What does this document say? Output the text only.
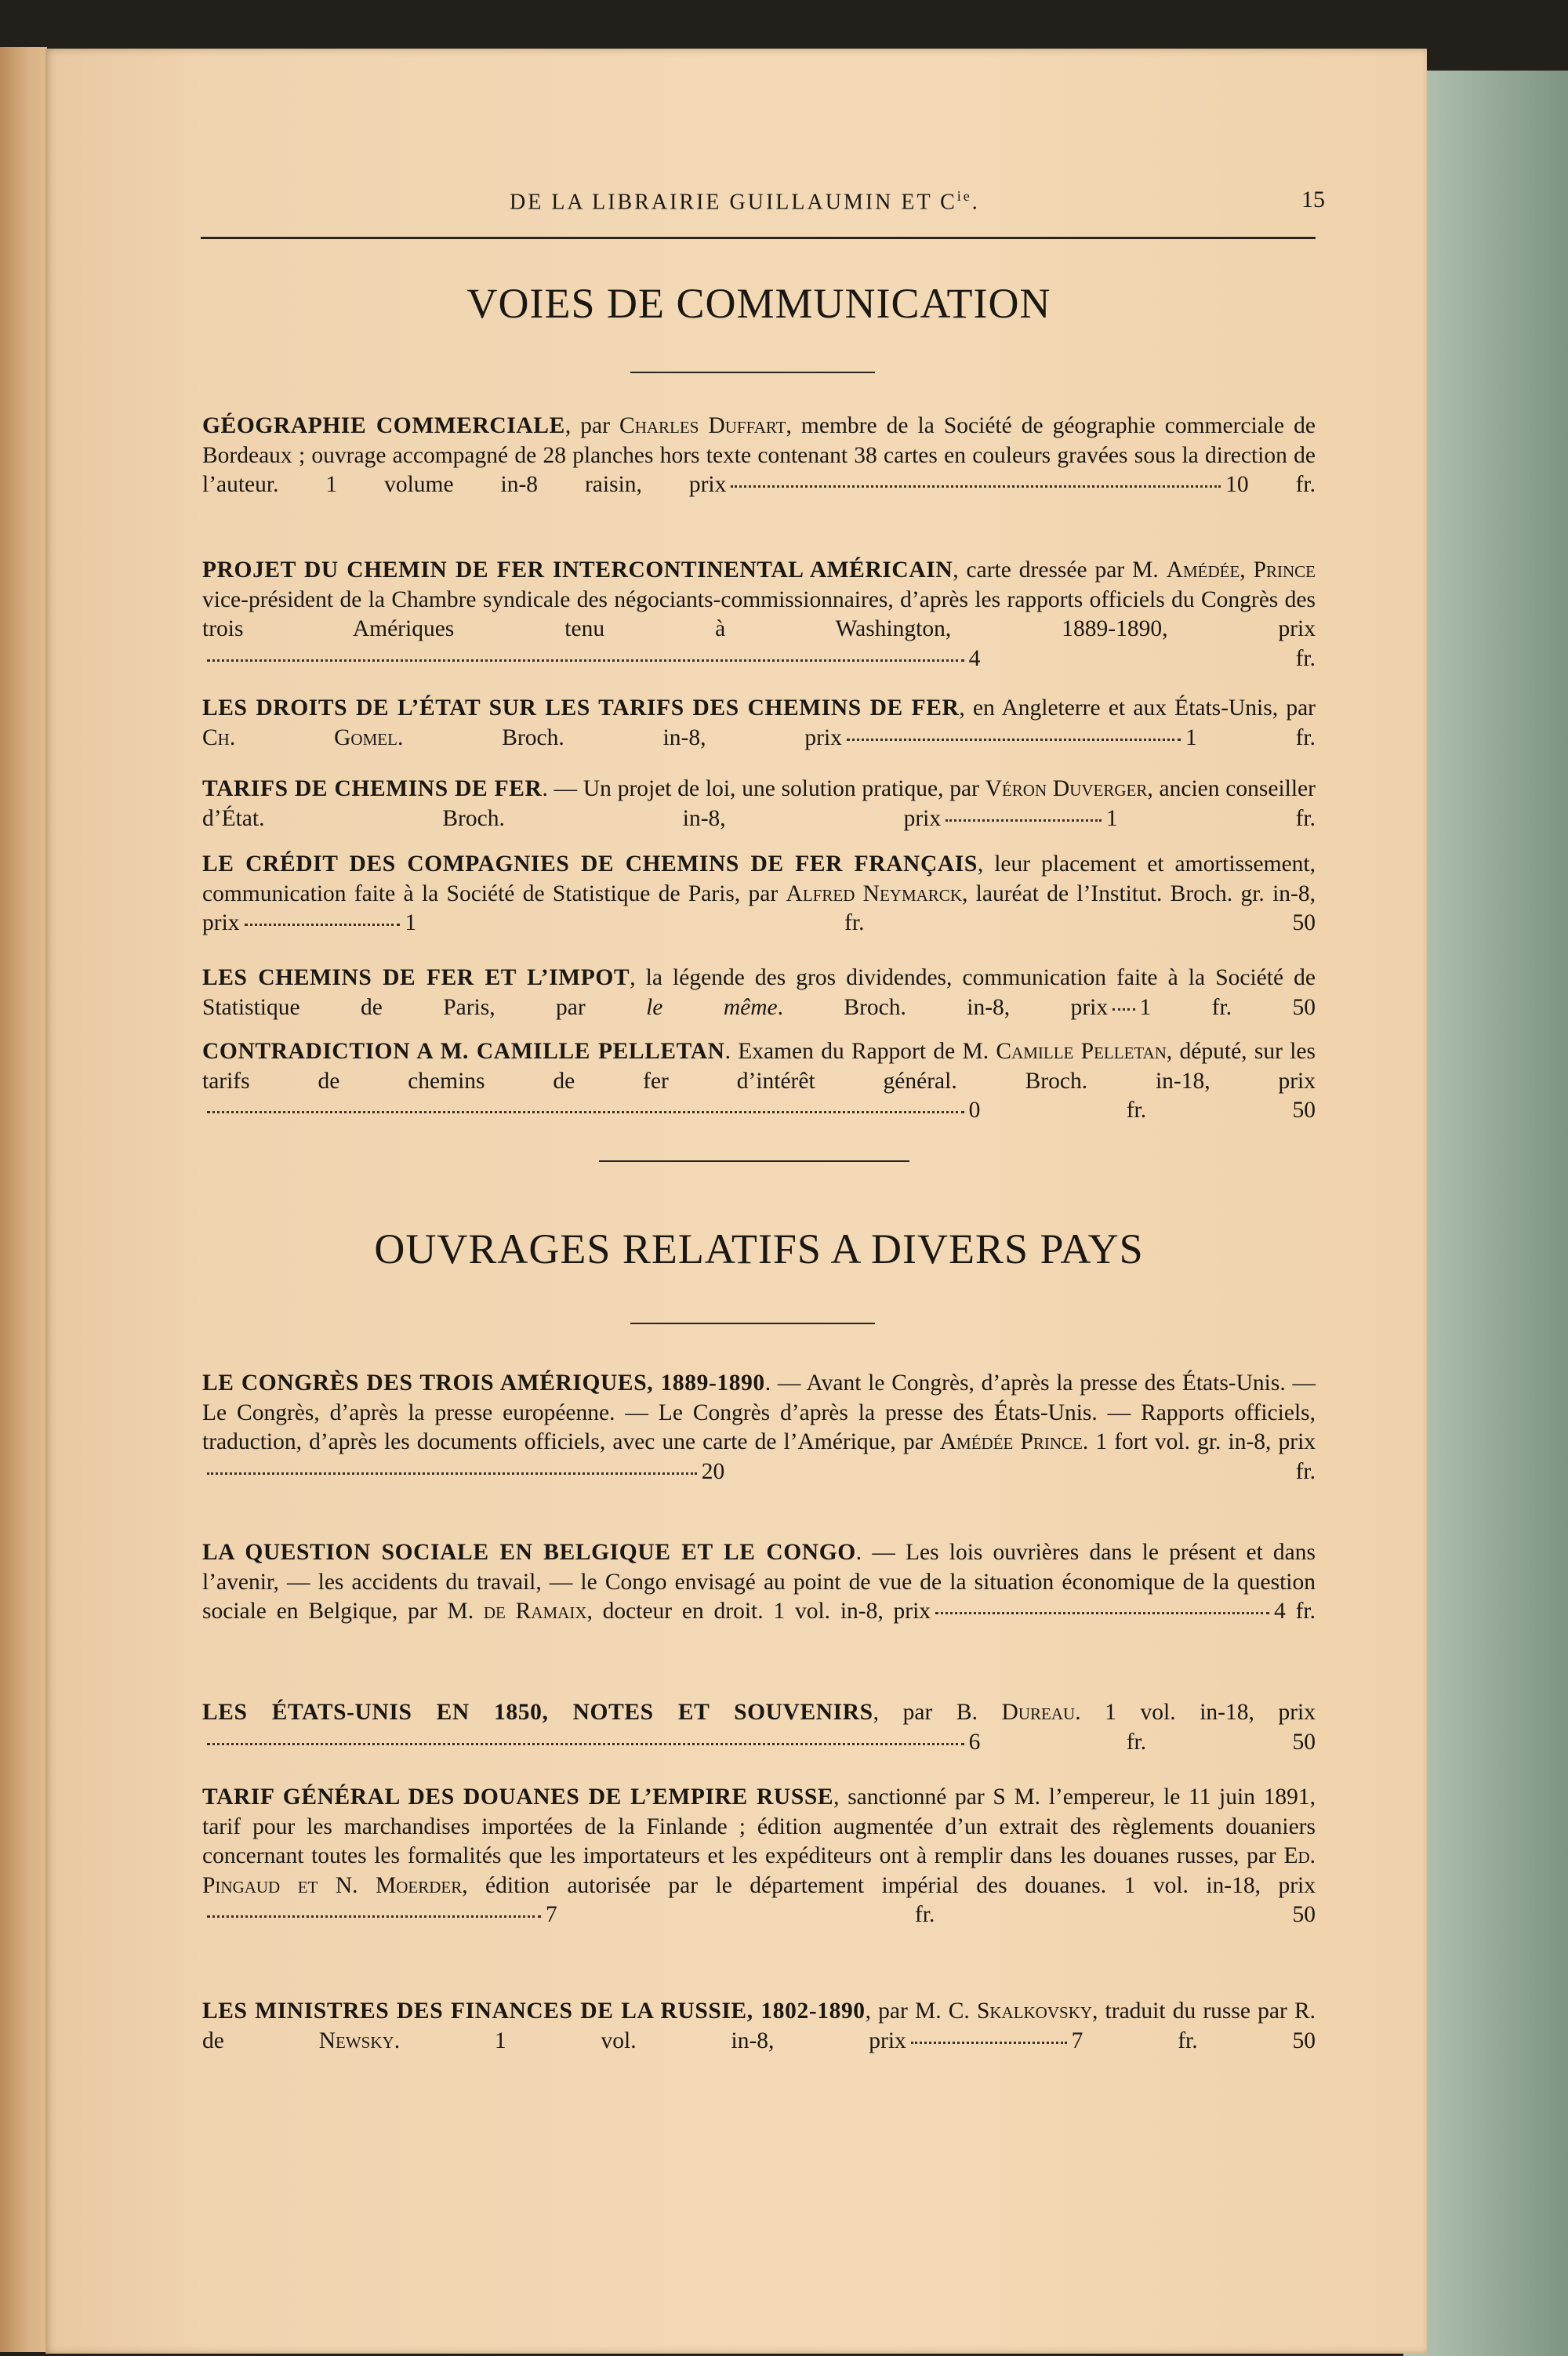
DE LA LIBRAIRIE GUILLAUMIN ET $C^{ie}$.	15
VOIES DE COMMUNICATION
GÉOGRAPHIE COMMERCIALE, par Charles Duffart, membre de la Société de géographie commerciale de Bordeaux ; ouvrage accompagné de 28 planches hors texte contenant 38 cartes en couleurs gravées sous la direction de l’auteur. 1 volume in-8 raisin, prix	10 fr.
PROJET DU CHEMIN DE FER INTERCONTINENTAL AMÉRICAIN, carte dressée par M. Amédée, Prince vice-président de la Chambre syndicale des négociants-commissionnaires, d’après les rapports officiels du Congrès des trois Amériques tenu à Washington, 1889-1890, prix4 fr.
LES DROITS DE L’ÉTAT SUR LES TARIFS DES CHEMINS DE FER, en Angleterre et aux États-Unis, par Ch. Gomel. Broch. in-8, prix	1 fr.
TARIFS DE CHEMINS DE FER. — Un projet de loi, une solution pratique, par Véron Duverger, ancien conseiller d’État. Broch. in-8, prix	1 fr.
LE CRÉDIT DES COMPAGNIES DE CHEMINS DE FER FRANÇAIS, leur placement et amortissement, communication faite à la Société de Statistique de Paris, par Alfred Neymarck, lauréat de l’Institut. Broch. gr. in-8, prix	1 fr. 50
LES CHEMINS DE FER ET L’IMPOT, la légende des gros dividendes, communication faite à la Société de Statistique de Paris, par le même. Broch. in-8, prix 1 fr. 50
CONTRADICTION A M. CAMILLE PELLETAN. Examen du Rapport de M. Camille Pelletan, député, sur les tarifs de chemins de fer d’intérêt général. Broch. in-18, prix0 fr. 50
OUVRAGES RELATIFS A DIVERS PAYS
LE CONGRÈS DES TROIS AMÉRIQUES, 1889-1890. — Avant le Congrès, d’après la presse des États-Unis. — Le Congrès, d’après la presse européenne. — Le Congrès d’après la presse des États-Unis. — Rapports officiels, traduction, d’après les documents officiels, avec une carte de l’Amérique, par Amédée Prince. 1 fort vol. gr. in-8, prix20 fr.
LA QUESTION SOCIALE EN BELGIQUE ET LE CONGO. — Les lois ouvrières dans le présent et dans l’avenir, — les accidents du travail, — le Congo envisagé au point de vue de la situation économique de la question sociale en Belgique, par M. de Ramaix, docteur en droit. 1 vol. in-8, prix	4 fr.
LES ÉTATS-UNIS EN 1850, NOTES ET SOUVENIRS, par B. Dureau. 1 vol. in-18, prix6 fr. 50
TARIF GÉNÉRAL DES DOUANES DE L’EMPIRE RUSSE, sanctionné par S M. l’empereur, le 11 juin 1891, tarif pour les marchandises importées de la Finlande ; édition augmentée d’un extrait des règlements douaniers concernant toutes les formalités que les importateurs et les expéditeurs ont à remplir dans les douanes russes, par Ed. Pingaud et N. Moerder, édition autorisée par le département impérial des douanes. 1 vol. in-18, prix7 fr. 50
LES MINISTRES DES FINANCES DE LA RUSSIE, 1802-1890, par M. C. Skalkovsky, traduit du russe par R. de Newsky. 1 vol. in-8, prix	7 fr. 50
